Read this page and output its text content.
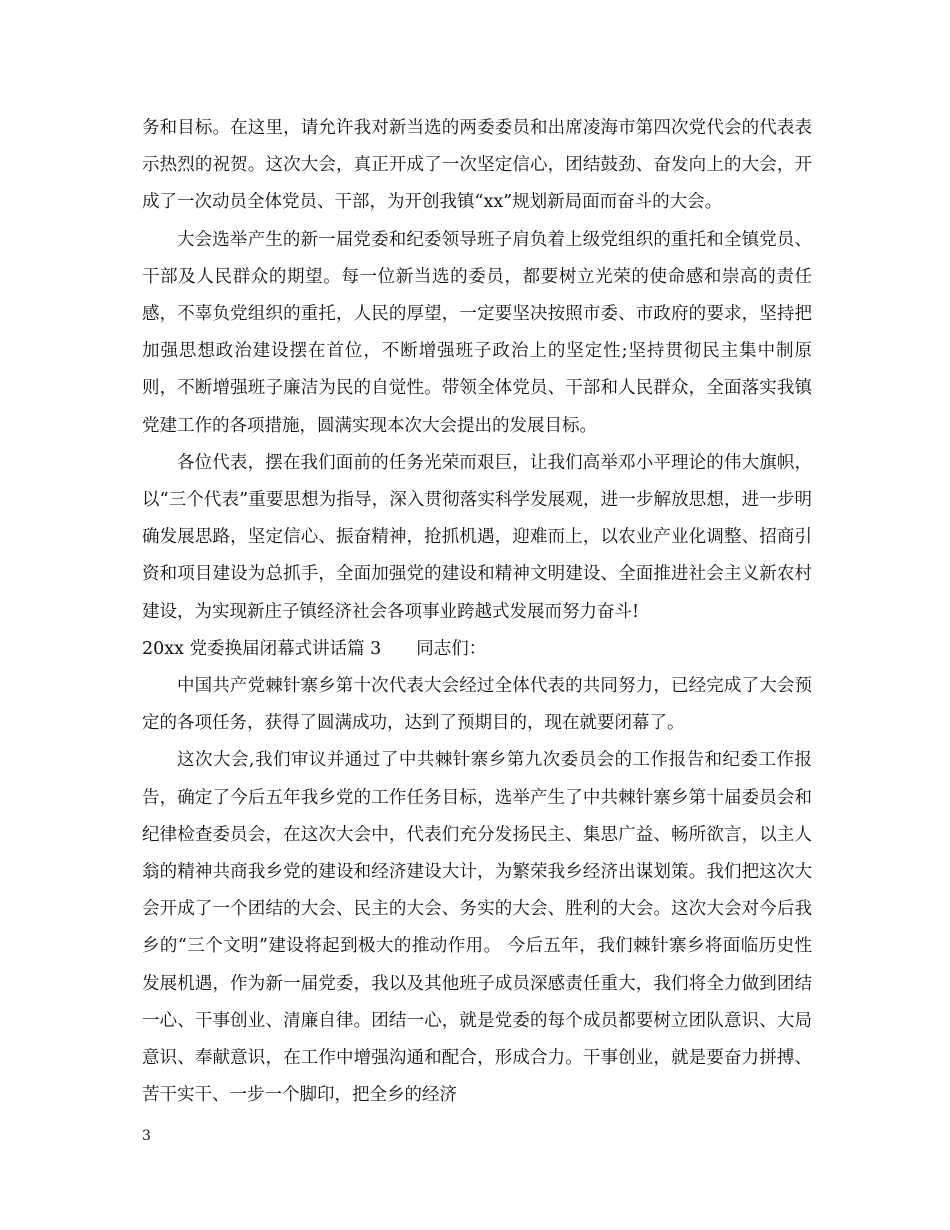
务和目标。在这里，请允许我对新当选的两委委员和出席凌海市第四次党代会的代表表示热烈的祝贺。这次大会，真正开成了一次坚定信心，团结鼓劲、奋发向上的大会，开成了一次动员全体党员、干部，为开创我镇“xx”规划新局面而奋斗的大会。

大会选举产生的新一届党委和纪委领导班子肩负着上级党组织的重托和全镇党员、干部及人民群众的期望。每一位新当选的委员，都要树立光荣的使命感和崇高的责任感，不辜负党组织的重托，人民的厚望，一定要坚决按照市委、市政府的要求，坚持把加强思想政治建设摆在首位，不断增强班子政治上的坚定性;坚持贯彻民主集中制原则，不断增强班子廉洁为民的自觉性。带领全体党员、干部和人民群众，全面落实我镇党建工作的各项措施，圆满实现本次大会提出的发展目标。

各位代表，摆在我们面前的任务光荣而艰巨，让我们高举邓小平理论的伟大旗帜，以“三个代表”重要思想为指导，深入贯彻落实科学发展观，进一步解放思想，进一步明确发展思路，坚定信心、振奋精神，抢抓机遇，迎难而上，以农业产业化调整、招商引资和项目建设为总抓手，全面加强党的建设和精神文明建设、全面推进社会主义新农村建设，为实现新庄子镇经济社会各项事业跨越式发展而努力奋斗!

20xx 党委换届闭幕式讲话篇 3　　同志们：

中国共产党棘针寨乡第十次代表大会经过全体代表的共同努力，已经完成了大会预定的各项任务，获得了圆满成功，达到了预期目的，现在就要闭幕了。

这次大会,我们审议并通过了中共棘针寨乡第九次委员会的工作报告和纪委工作报告，确定了今后五年我乡党的工作任务目标，选举产生了中共棘针寨乡第十届委员会和纪律检查委员会，在这次大会中，代表们充分发扬民主、集思广益、畅所欲言，以主人翁的精神共商我乡党的建设和经济建设大计，为繁荣我乡经济出谋划策。我们把这次大会开成了一个团结的大会、民主的大会、务实的大会、胜利的大会。这次大会对今后我乡的“三个文明”建设将起到极大的推动作用。 今后五年，我们棘针寨乡将面临历史性发展机遇，作为新一届党委，我以及其他班子成员深感责任重大，我们将全力做到团结一心、干事创业、清廉自律。团结一心，就是党委的每个成员都要树立团队意识、大局意识、奉献意识，在工作中增强沟通和配合，形成合力。干事创业，就是要奋力拼搏、苦干实干、一步一个脚印，把全乡的经济

3
